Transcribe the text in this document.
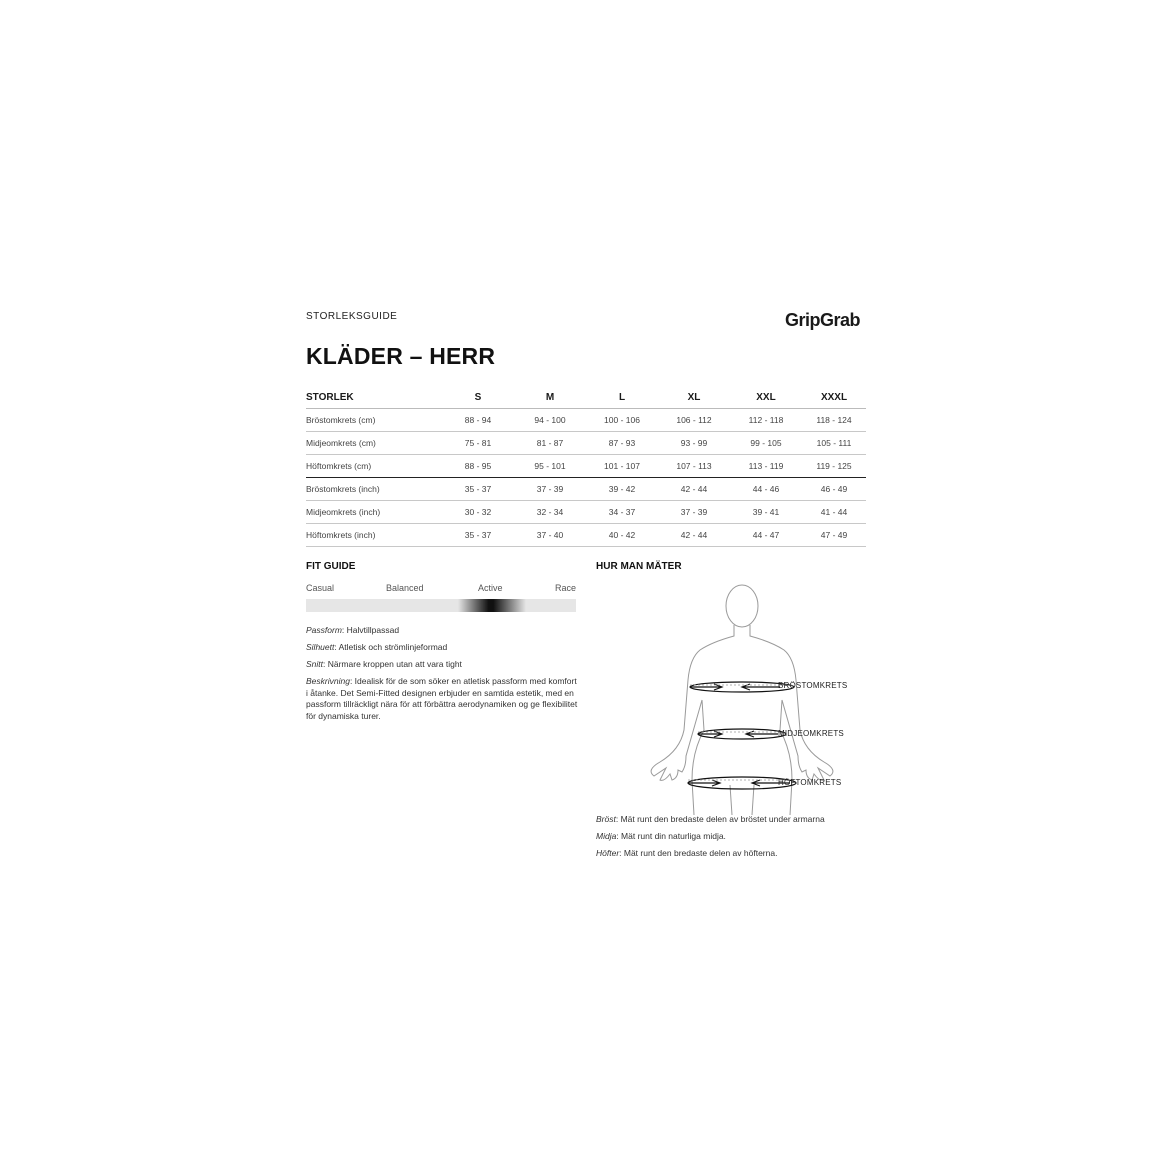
STORLEKSGUIDE	GripGrab
KLÄDER – HERR
STORLEK	S	M	L	XL	XXL	XXXL
Bröstomkrets (cm)	88 - 94	94 - 100	100 - 106	106 - 112	112 - 118	118 - 124
Midjeomkrets (cm)	75 - 81	81 - 87	87 - 93	93 - 99	99 - 105	105 - 111
Höftomkrets (cm)	88 - 95	95 - 101	101 - 107	107 - 113	113 - 119	119 - 125
Bröstomkrets (inch)	35 - 37	37 - 39	39 - 42	42 - 44	44 - 46	46 - 49
Midjeomkrets (inch)	30 - 32	32 - 34	34 - 37	37 - 39	39 - 41	41 - 44
Höftomkrets (inch)	35 - 37	37 - 40	40 - 42	42 - 44	44 - 47	47 - 49
FIT GUIDE
Casual	Balanced	Active	Race
Passform: Halvtillpassad
Silhuett: Atletisk och strömlinjeformad
Snitt: Närmare kroppen utan att vara tight
Beskrivning: Idealisk för de som söker en atletisk passform med komfort i åtanke. Det Semi-Fitted designen erbjuder en samtida estetik, med en passform tillräckligt nära för att förbättra aerodynamiken og ge flexibilitet för dynamiska turer.
HUR MAN MÄTER
BRÖSTOMKRETS
MIDJEOMKRETS
HÖFTOMKRETS
Bröst: Mät runt den bredaste delen av bröstet under armarna
Midja: Mät runt din naturliga midja.
Höfter: Mät runt den bredaste delen av höfterna.
